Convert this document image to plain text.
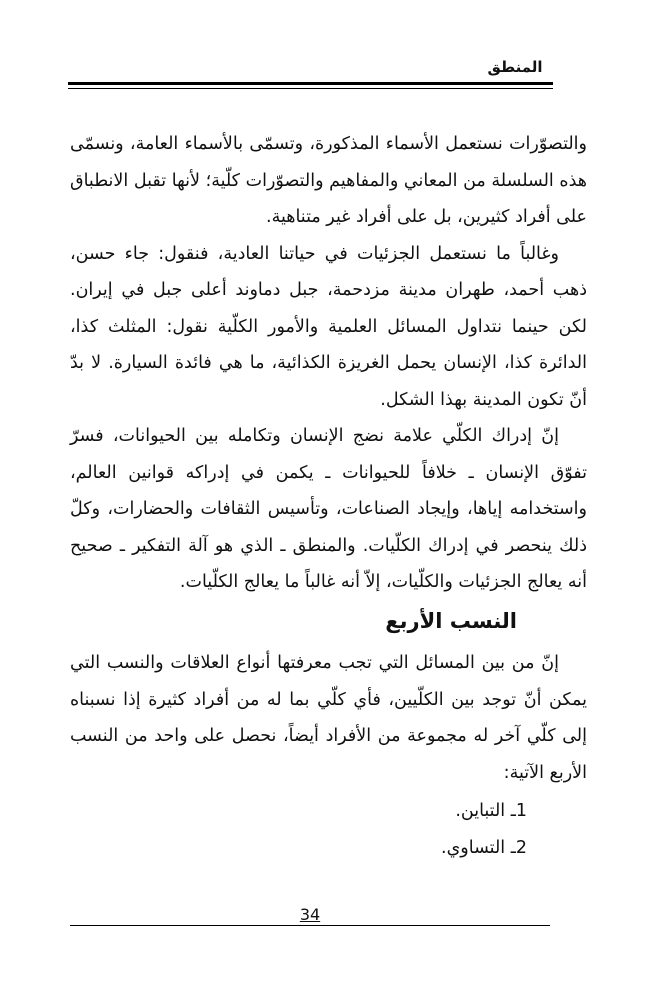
المنطق

والتصوّرات نستعمل الأسماء المذكورة، وتسمّى بالأسماء العامة، ونسمّى هذه السلسلة من المعاني والمفاهيم والتصوّرات كلّية؛ لأنها تقبل الانطباق على أفراد كثيرين، بل على أفراد غير متناهية.

وغالباً ما نستعمل الجزئيات في حياتنا العادية، فنقول: جاء حسن، ذهب أحمد، طهران مدينة مزدحمة، جبل دماوند أعلى جبل في إيران. لكن حينما نتداول المسائل العلمية والأمور الكلّية نقول: المثلث كذا، الدائرة كذا، الإنسان يحمل الغريزة الكذائية، ما هي فائدة السيارة. لا بدّ أنّ تكون المدينة بهذا الشكل.

إنّ إدراك الكلّي علامة نضج الإنسان وتكامله بين الحيوانات، فسرّ تفوّق الإنسان ـ خلافاً للحيوانات ـ يكمن في إدراكه قوانين العالم، واستخدامه إياها، وإيجاد الصناعات، وتأسيس الثقافات والحضارات، وكلّ ذلك ينحصر في إدراك الكلّيات. والمنطق ـ الذي هو آلة التفكير ـ صحيح أنه يعالج الجزئيات والكلّيات، إلاّ أنه غالباً ما يعالج الكلّيات.

النسب الأربع

إنّ من بين المسائل التي تجب معرفتها أنواع العلاقات والنسب التي يمكن أنّ توجد بين الكلّيين، فأي كلّي بما له من أفراد كثيرة إذا نسبناه إلى كلّي آخر له مجموعة من الأفراد أيضاً، نحصل على واحد من النسب الأربع الآتية:

1ـ التباين.
2ـ التساوي.
34
